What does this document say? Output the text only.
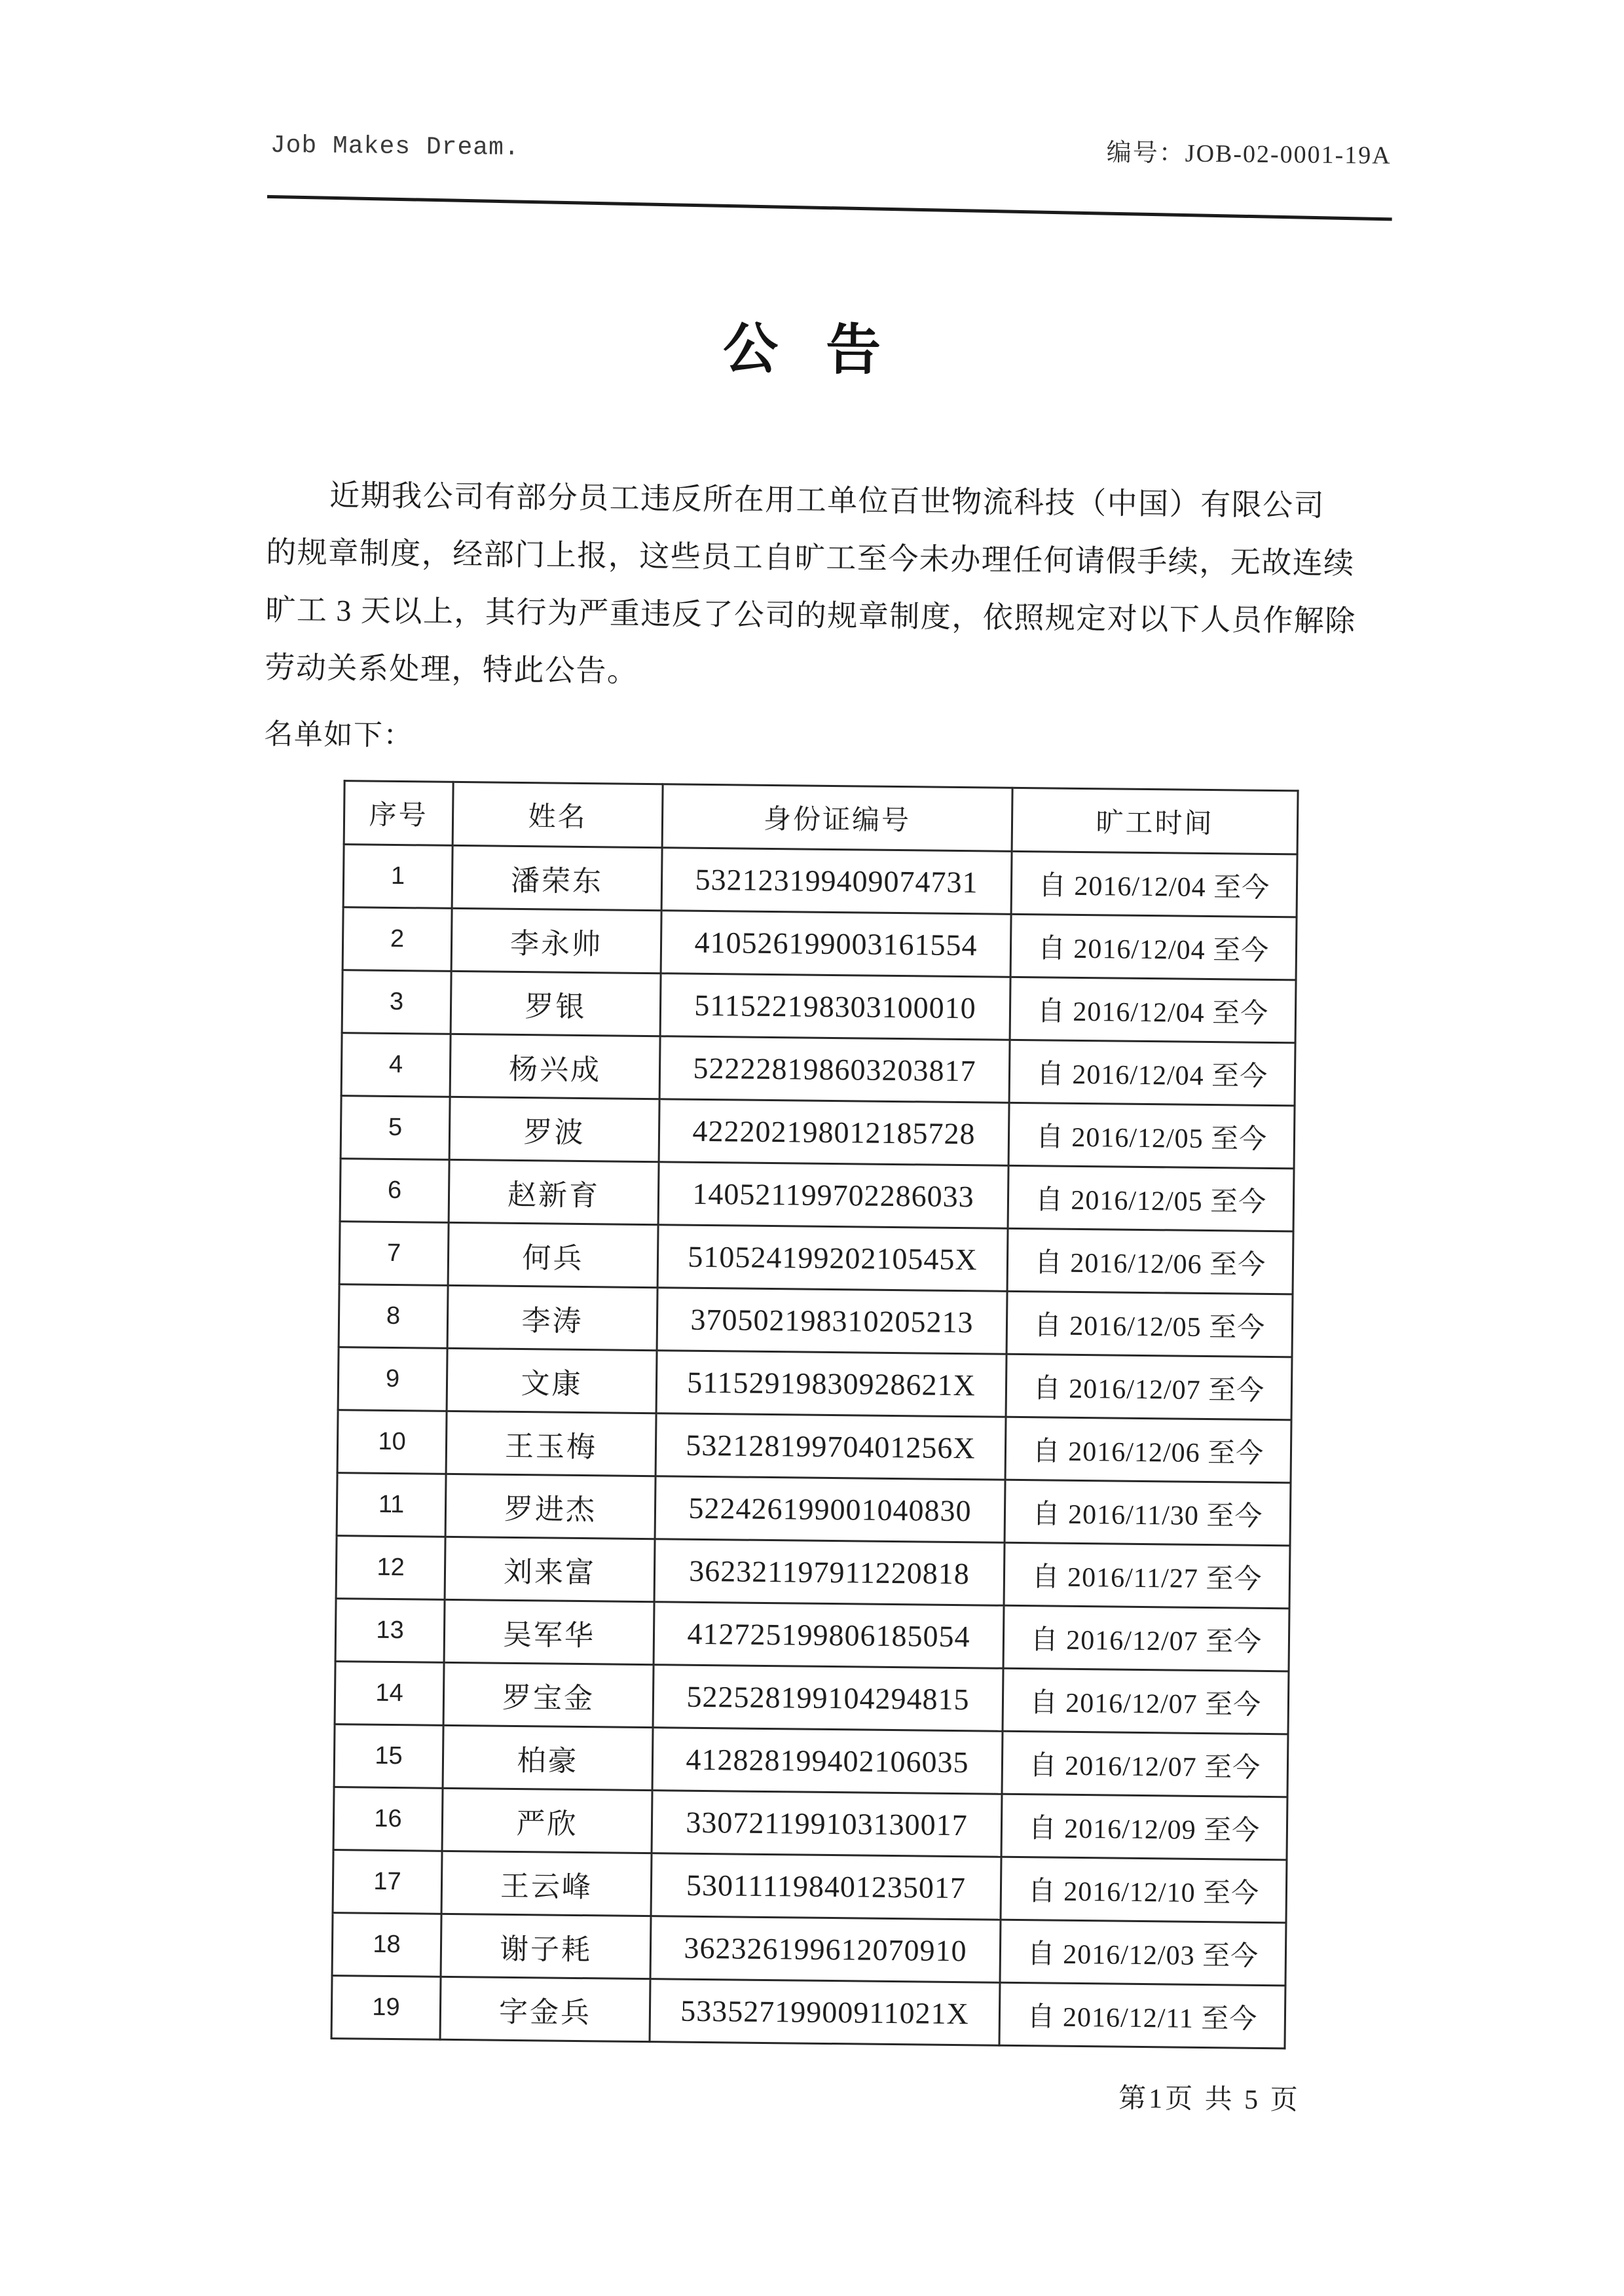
Job Makes Dream.	编号：JOB-02-0001-19A
公 告
近期我公司有部分员工违反所在用工单位百世物流科技（中国）有限公司
的规章制度，经部门上报，这些员工自旷工至今未办理任何请假手续，无故连续
旷工 3 天以上，其行为严重违反了公司的规章制度，依照规定对以下人员作解除
劳动关系处理，特此公告。
名单如下：
序号	姓名	身份证编号	旷工时间
1	潘荣东	532123199409074731	自 2016/12/04 至今
2	李永帅	410526199003161554	自 2016/12/04 至今
3	罗银	511522198303100010	自 2016/12/04 至今
4	杨兴成	522228198603203817	自 2016/12/04 至今
5	罗波	422202198012185728	自 2016/12/05 至今
6	赵新育	140521199702286033	自 2016/12/05 至今
7	何兵	51052419920210545X	自 2016/12/06 至今
8	李涛	370502198310205213	自 2016/12/05 至今
9	文康	51152919830928621X	自 2016/12/07 至今
10	王玉梅	53212819970401256X	自 2016/12/06 至今
11	罗进杰	522426199001040830	自 2016/11/30 至今
12	刘来富	362321197911220818	自 2016/11/27 至今
13	吴军华	412725199806185054	自 2016/12/07 至今
14	罗宝金	522528199104294815	自 2016/12/07 至今
15	柏豪	412828199402106035	自 2016/12/07 至今
16	严欣	330721199103130017	自 2016/12/09 至今
17	王云峰	530111198401235017	自 2016/12/10 至今
18	谢子耗	362326199612070910	自 2016/12/03 至今
19	字金兵	53352719900911021X	自 2016/12/11 至今
第1页 共 5 页
